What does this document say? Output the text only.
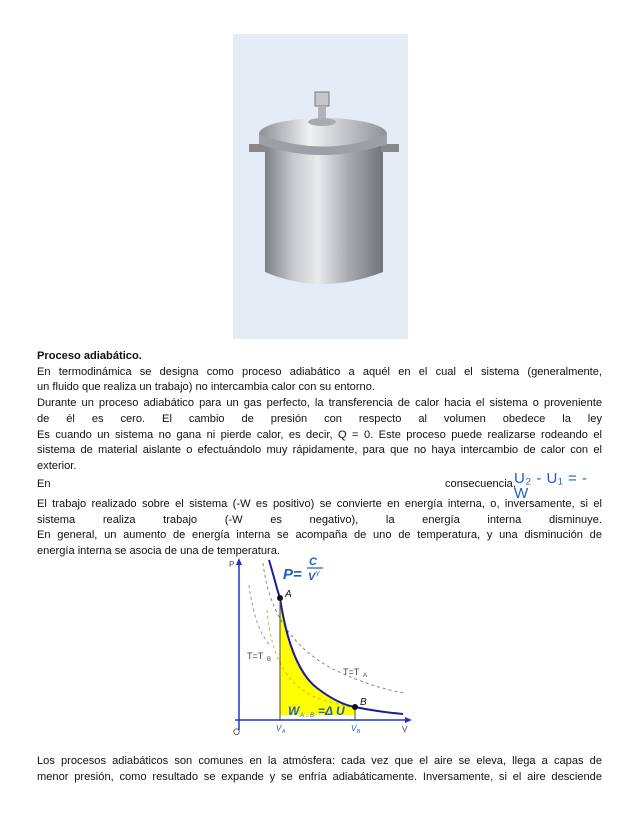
Proceso adiabático.
En termodinámica se designa como proceso adiabático a aquél en el cual el sistema (generalmente,
un fluido que realiza un trabajo) no intercambia calor con su entorno.
Durante un proceso adiabático para un gas perfecto, la transferencia de calor hacia el sistema o proveniente
de él es cero. El cambio de presión con respecto al volumen obedece la ley
Es cuando un sistema no gana ni pierde calor, es decir, Q = 0. Este proceso puede realizarse rodeando el
sistema de material aislante o efectuándolo muy rápidamente, para que no haya intercambio de calor con el
exterior.
En	consecuencia,
U₂ - U₁ = - W
El trabajo realizado sobre el sistema (-W es positivo) se convierte en energía interna, o, inversamente, si el
sistema realiza trabajo (-W es negativo), la energía interna disminuye.
En general, un aumento de energía interna se acompaña de uno de temperatura, y una disminución de
energía interna se asocia de una de temperatura.
P
V
O
P=
C
V γ
A
B
T=T B
T=T A
W A→B =Δ U
V A	V B
Los procesos adiabáticos son comunes en la atmósfera: cada vez que el aire se eleva, llega a capas de
menor presión, como resultado se expande y se enfría adiabáticamente. Inversamente, si el aire desciende
